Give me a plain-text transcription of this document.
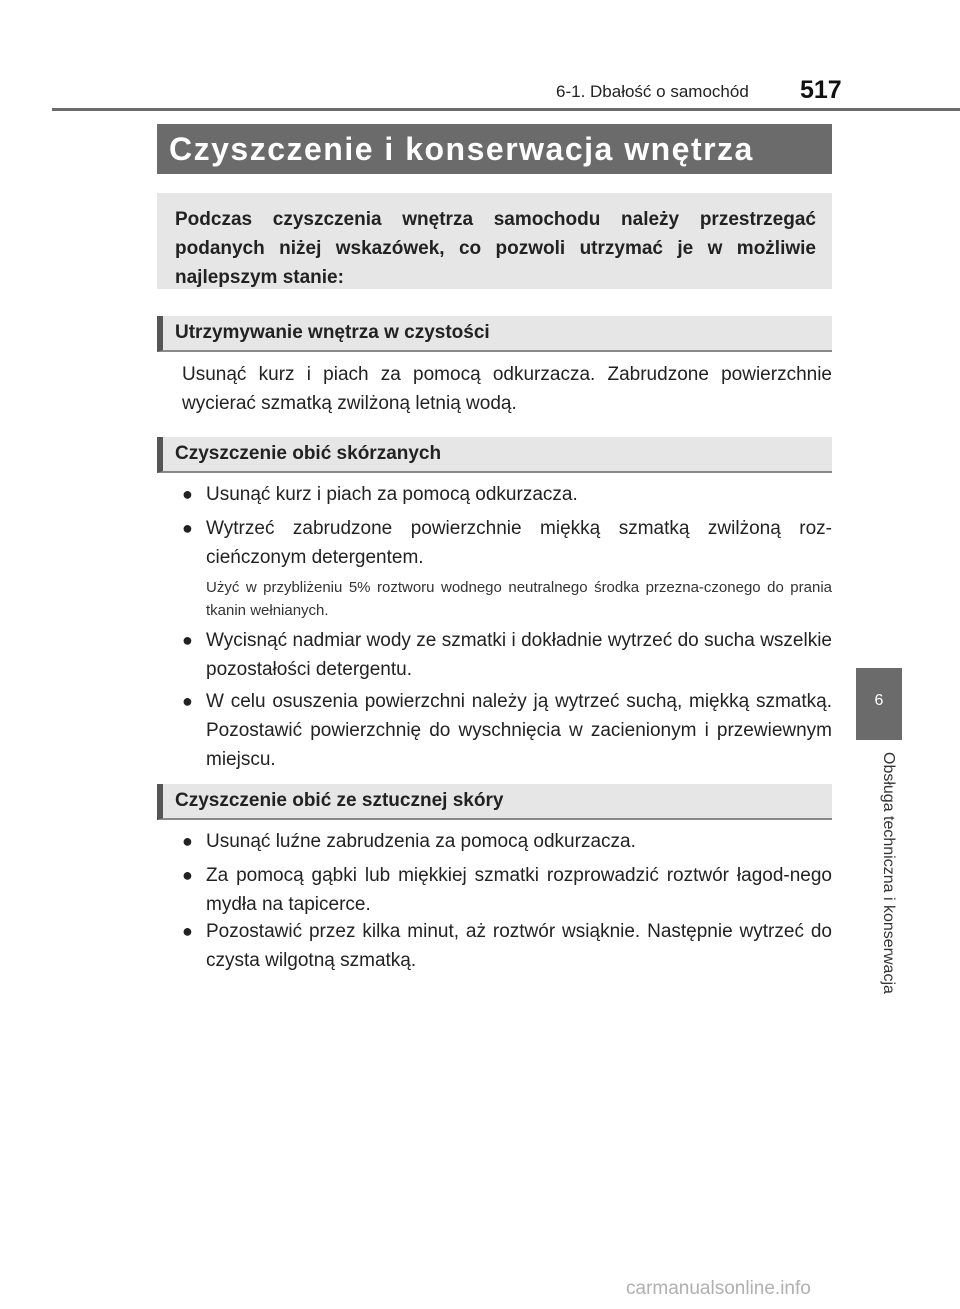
6-1. Dbałość o samochód 517
Czyszczenie i konserwacja wnętrza
Podczas czyszczenia wnętrza samochodu należy przestrzegać podanych niżej wskazówek, co pozwoli utrzymać je w możliwie najlepszym stanie:
Utrzymywanie wnętrza w czystości
Usunąć kurz i piach za pomocą odkurzacza. Zabrudzone powierzchnie wycierać szmatką zwilżoną letnią wodą.
Czyszczenie obić skórzanych
● Usunąć kurz i piach za pomocą odkurzacza.
● Wytrzeć zabrudzone powierzchnie miękką szmatką zwilżoną roz-cieńczonym detergentem.
Użyć w przybliżeniu 5% roztworu wodnego neutralnego środka przezna-czonego do prania tkanin wełnianych.
● Wycisnąć nadmiar wody ze szmatki i dokładnie wytrzeć do sucha wszelkie pozostałości detergentu.
● W celu osuszenia powierzchni należy ją wytrzeć suchą, miękką szmatką. Pozostawić powierzchnię do wyschnięcia w zacienionym i przewiewnym miejscu.
Czyszczenie obić ze sztucznej skóry
● Usunąć luźne zabrudzenia za pomocą odkurzacza.
● Za pomocą gąbki lub miękkiej szmatki rozprowadzić roztwór łagod-nego mydła na tapicerce.
● Pozostawić przez kilka minut, aż roztwór wsiąknie. Następnie wytrzeć do czysta wilgotną szmatką.
6
Obsługa techniczna i konserwacja
carmanualsonline.info
